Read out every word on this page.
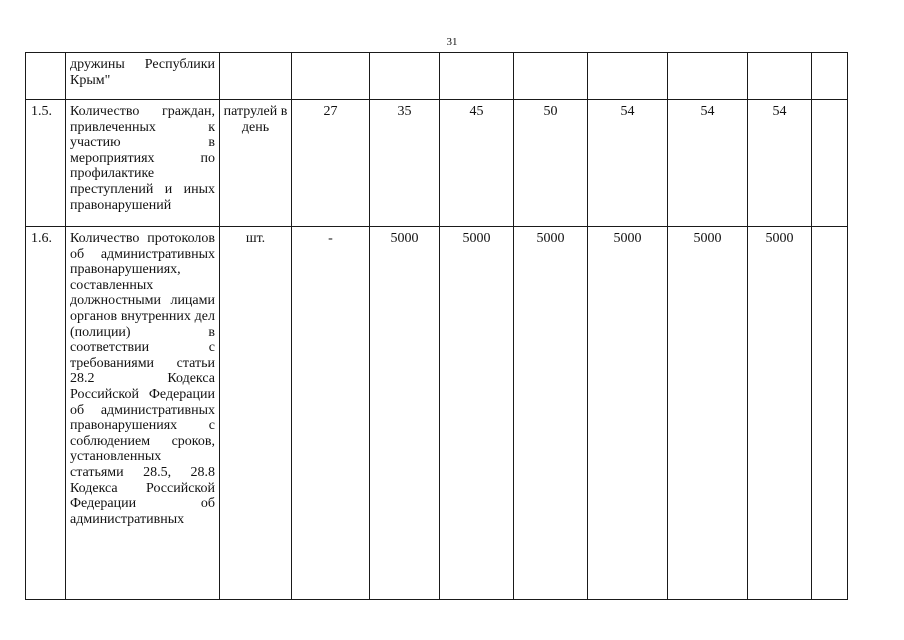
31
	дружины Республики Крым"									
1.5.	Количество граждан, привлеченных к участию в мероприятиях по профилактике преступлений и иных правонарушений	патрулей в день	27	35	45	50	54	54	54	
1.6.	Количество протоколов об административных правонарушениях, составленных должностными лицами органов внутренних дел (полиции) в соответствии с требованиями статьи 28.2 Кодекса Российской Федерации об административных правонарушениях с соблюдением сроков, установленных статьями 28.5, 28.8 Кодекса Российской Федерации об административных	шт.	-	5000	5000	5000	5000	5000	5000	
